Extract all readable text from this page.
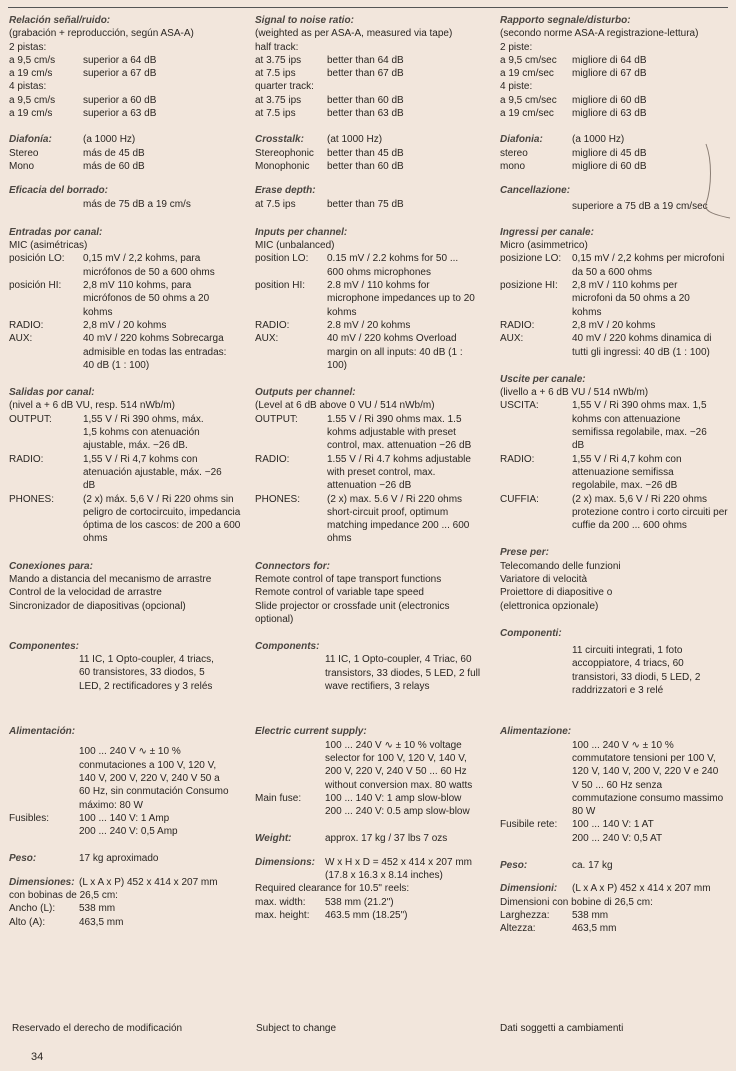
Relación señal/ruido:
(grabación + reproducción, según ASA-A)
2 pistas:
a 9,5 cm/s	superior a 64 dB
a 19 cm/s	superior a 67 dB
4 pistas:
a 9,5 cm/s	superior a 60 dB
a 19 cm/s	superior a 63 dB
Diafonía:	(a 1000 Hz)
Stereo	más de 45 dB
Mono	más de 60 dB
Eficacia del borrado:
más de 75 dB a 19 cm/s
Entradas por canal:
MIC (asimétricas)
posición LO:	0,15 mV / 2,2 kohms, para micrófonos de 50 a 600 ohms
posición HI:	2,8 mV 110 kohms, para micrófonos de 50 ohms a 20 kohms
RADIO:	2,8 mV / 20 kohms
AUX:	40 mV / 220 kohms Sobrecarga admisible en todas las entradas: 40 dB (1 : 100)
Salidas por canal:
(nivel a + 6 dB VU, resp. 514 nWb/m)
OUTPUT:	1,55 V / Ri 390 ohms, máx. 1,5 kohms con atenuación ajustable, máx. −26 dB.
RADIO:	1,55 V / Ri 4,7 kohms con atenuación ajustable, máx. −26 dB
PHONES:	(2 x) máx. 5,6 V / Ri 220 ohms sin peligro de cortocircuito, impedancia óptima de los cascos: de 200 a 600 ohms
Conexiones para:
Mando a distancia del mecanismo de arrastre
Control de la velocidad de arrastre
Sincronizador de diapositivas (opcional)
Componentes:
11 IC, 1 Opto-coupler, 4 triacs, 60 transistores, 33 diodos, 5 LED, 2 rectificadores y 3 relés
Alimentación:
100 ... 240 V ∿ ± 10 % conmutaciones a 100 V, 120 V, 140 V, 200 V, 220 V, 240 V 50 a 60 Hz, sin conmutación Consumo máximo: 80 W
Fusibles:	100 ... 140 V: 1 Amp
200 ... 240 V: 0,5 Amp
Peso:	17 kg aproximado
Dimensiones: (L x A x P) 452 x 414 x 207 mm
con bobinas de 26,5 cm:
Ancho (L):	538 mm
Alto (A):	463,5 mm
Signal to noise ratio:
(weighted as per ASA-A, measured via tape)
half track:
at 3.75 ips	better than 64 dB
at 7.5 ips	better than 67 dB
quarter track:
at 3.75 ips	better than 60 dB
at 7.5 ips	better than 63 dB
Crosstalk:	(at 1000 Hz)
Stereophonic	better than 45 dB
Monophonic	better than 60 dB
Erase depth:
at 7.5 ips	better than 75 dB
Inputs per channel:
MIC (unbalanced)
position LO:	0.15 mV / 2.2 kohms for 50 ... 600 ohms microphones
position HI:	2.8 mV / 110 kohms for microphone impedances up to 20 kohms
RADIO:	2.8 mV / 20 kohms
AUX:	40 mV / 220 kohms Overload margin on all inputs: 40 dB (1 : 100)
Outputs per channel:
(Level at 6 dB above 0 VU / 514 nWb/m)
OUTPUT:	1.55 V / Ri 390 ohms max. 1.5 kohms adjustable with preset control, max. attenuation −26 dB
RADIO:	1.55 V / Ri 4.7 kohms adjustable with preset control, max. attenuation −26 dB
PHONES:	(2 x) max. 5.6 V / Ri 220 ohms short-circuit proof, optimum matching impedance 200 ... 600 ohms
Connectors for:
Remote control of tape transport functions
Remote control of variable tape speed
Slide projector or crossfade unit (electronics optional)
Components:
11 IC, 1 Opto-coupler, 4 Triac, 60 transistors, 33 diodes, 5 LED, 2 full wave rectifiers, 3 relays
Electric current supply:
100 ... 240 V ∿ ± 10 % voltage selector for 100 V, 120 V, 140 V, 200 V, 220 V, 240 V 50 ... 60 Hz without conversion max. 80 watts
Main fuse:	100 ... 140 V: 1 amp slow-blow
200 ... 240 V: 0.5 amp slow-blow
Weight:	approx. 17 kg / 37 lbs 7 ozs
Dimensions: W x H x D = 452 x 414 x 207 mm
(17.8 x 16.3 x 8.14 inches)
Required clearance for 10.5" reels:
max. width:	538 mm (21.2")
max. height:	463.5 mm (18.25")
Rapporto segnale/disturbo:
(secondo norme ASA-A registrazione-lettura)
2 piste:
a 9,5 cm/sec	migliore di 64 dB
a 19 cm/sec	migliore di 67 dB
4 piste:
a 9,5 cm/sec	migliore di 60 dB
a 19 cm/sec	migliore di 63 dB
Diafonia:	(a 1000 Hz)
stereo	migliore di 45 dB
mono	migliore di 60 dB
Cancellazione:
superiore a 75 dB a 19 cm/sec
Ingressi per canale:
Micro (asimmetrico)
posizione LO:	0,15 mV / 2,2 kohms per microfoni da 50 a 600 ohms
posizione HI:	2,8 mV / 110 kohms per microfoni da 50 ohms a 20 kohms
RADIO:	2,8 mV / 20 kohms
AUX:	40 mV / 220 kohms dinamica di tutti gli ingressi: 40 dB (1 : 100)
Uscite per canale:
(livello a + 6 dB VU / 514 nWb/m)
USCITA:	1,55 V / Ri 390 ohms max. 1,5 kohms con attenuazione semifissa regolabile, max. −26 dB
RADIO:	1,55 V / Ri 4,7 kohm con attenuazione semifissa regolabile, max. −26 dB
CUFFIA:	(2 x) max. 5,6 V / Ri 220 ohms protezione contro i corto circuiti per cuffie da 200 ... 600 ohms
Prese per:
Telecomando delle funzioni
Variatore di velocità
Proiettore di diapositive o
(elettronica opzionale)
Componenti:
11 circuiti integrati, 1 foto accoppiatore, 4 triacs, 60 transistori, 33 diodi, 5 LED, 2 raddrizzatori e 3 relé
Alimentazione:
100 ... 240 V ∿ ± 10 % commutatore tensioni per 100 V, 120 V, 140 V, 200 V, 220 V e 240 V 50 ... 60 Hz senza commutazione consumo massimo 80 W
Fusibile rete:	100 ... 140 V: 1 AT
200 ... 240 V: 0,5 AT
Peso:	ca. 17 kg
Dimensioni:	(L x A x P) 452 x 414 x 207 mm
Dimensioni con bobine di 26,5 cm:
Larghezza:	538 mm
Altezza:	463,5 mm
Reservado el derecho de modificación	Subject to change	Dati soggetti a cambiamenti
34
